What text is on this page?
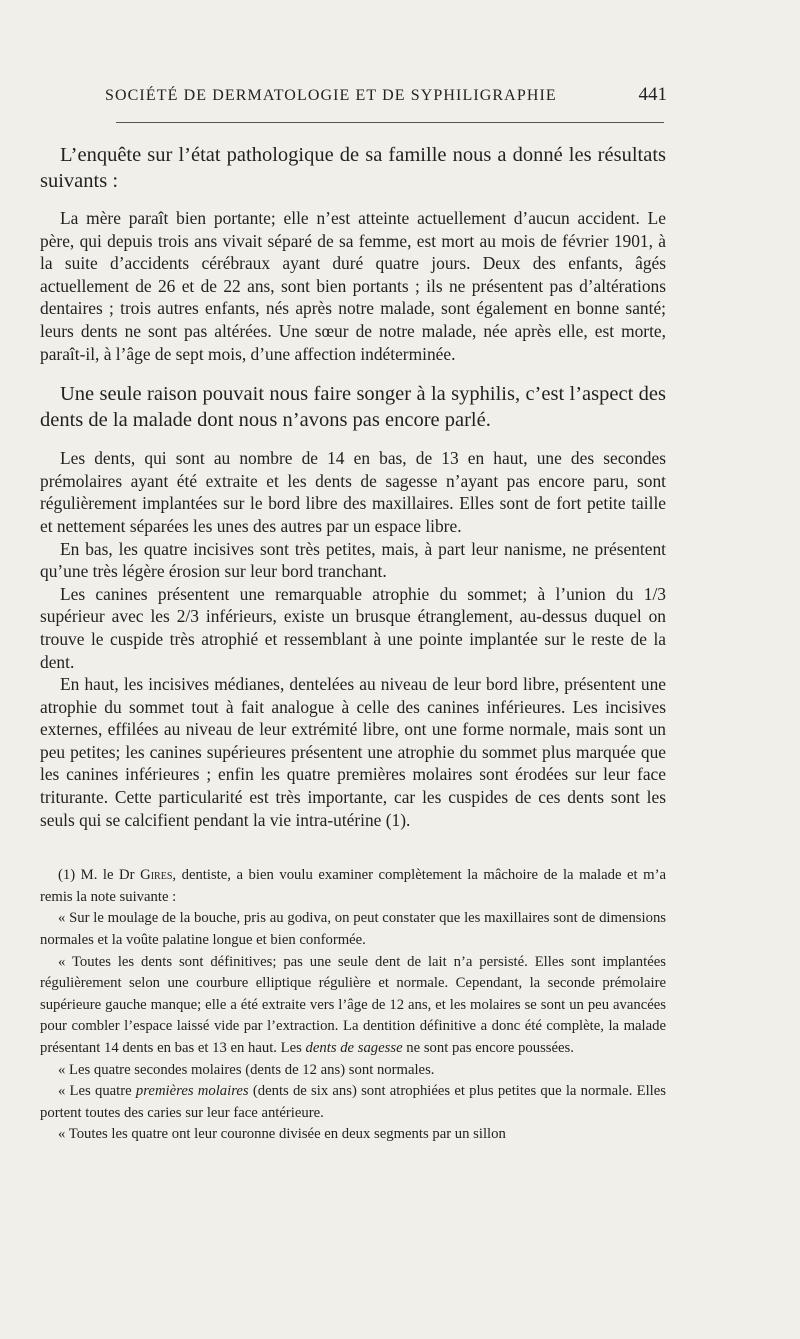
SOCIÉTÉ DE DERMATOLOGIE ET DE SYPHILIGRAPHIE	441

L’enquête sur l’état pathologique de sa famille nous a donné les résultats suivants :

La mère paraît bien portante; elle n’est atteinte actuellement d’aucun accident. Le père, qui depuis trois ans vivait séparé de sa femme, est mort au mois de février 1901, à la suite d’accidents cérébraux ayant duré quatre jours. Deux des enfants, âgés actuellement de 26 et de 22 ans, sont bien portants ; ils ne présentent pas d’altérations dentaires ; trois autres enfants, nés après notre malade, sont également en bonne santé; leurs dents ne sont pas altérées. Une sœur de notre malade, née après elle, est morte, paraît-il, à l’âge de sept mois, d’une affection indéterminée.

Une seule raison pouvait nous faire songer à la syphilis, c’est l’aspect des dents de la malade dont nous n’avons pas encore parlé.

Les dents, qui sont au nombre de 14 en bas, de 13 en haut, une des secondes prémolaires ayant été extraite et les dents de sagesse n’ayant pas encore paru, sont régulièrement implantées sur le bord libre des maxillaires. Elles sont de fort petite taille et nettement séparées les unes des autres par un espace libre.

En bas, les quatre incisives sont très petites, mais, à part leur nanisme, ne présentent qu’une très légère érosion sur leur bord tranchant.

Les canines présentent une remarquable atrophie du sommet; à l’union du 1/3 supérieur avec les 2/3 inférieurs, existe un brusque étranglement, au-dessus duquel on trouve le cuspide très atrophié et ressemblant à une pointe implantée sur le reste de la dent.

En haut, les incisives médianes, dentelées au niveau de leur bord libre, présentent une atrophie du sommet tout à fait analogue à celle des canines inférieures. Les incisives externes, effilées au niveau de leur extrémité libre, ont une forme normale, mais sont un peu petites; les canines supérieures présentent une atrophie du sommet plus marquée que les canines inférieures ; enfin les quatre premières molaires sont érodées sur leur face triturante. Cette particularité est très importante, car les cuspides de ces dents sont les seuls qui se calcifient pendant la vie intra-utérine (1).

(1) M. le Dr Gires, dentiste, a bien voulu examiner complètement la mâchoire de la malade et m’a remis la note suivante :

« Sur le moulage de la bouche, pris au godiva, on peut constater que les maxillaires sont de dimensions normales et la voûte palatine longue et bien conformée.

« Toutes les dents sont définitives; pas une seule dent de lait n’a persisté. Elles sont implantées régulièrement selon une courbure elliptique régulière et normale. Cependant, la seconde prémolaire supérieure gauche manque; elle a été extraite vers l’âge de 12 ans, et les molaires se sont un peu avancées pour combler l’espace laissé vide par l’extraction. La dentition définitive a donc été complète, la malade présentant 14 dents en bas et 13 en haut. Les dents de sagesse ne sont pas encore poussées.

« Les quatre secondes molaires (dents de 12 ans) sont normales.

« Les quatre premières molaires (dents de six ans) sont atrophiées et plus petites que la normale. Elles portent toutes des caries sur leur face antérieure.

« Toutes les quatre ont leur couronne divisée en deux segments par un sillon
